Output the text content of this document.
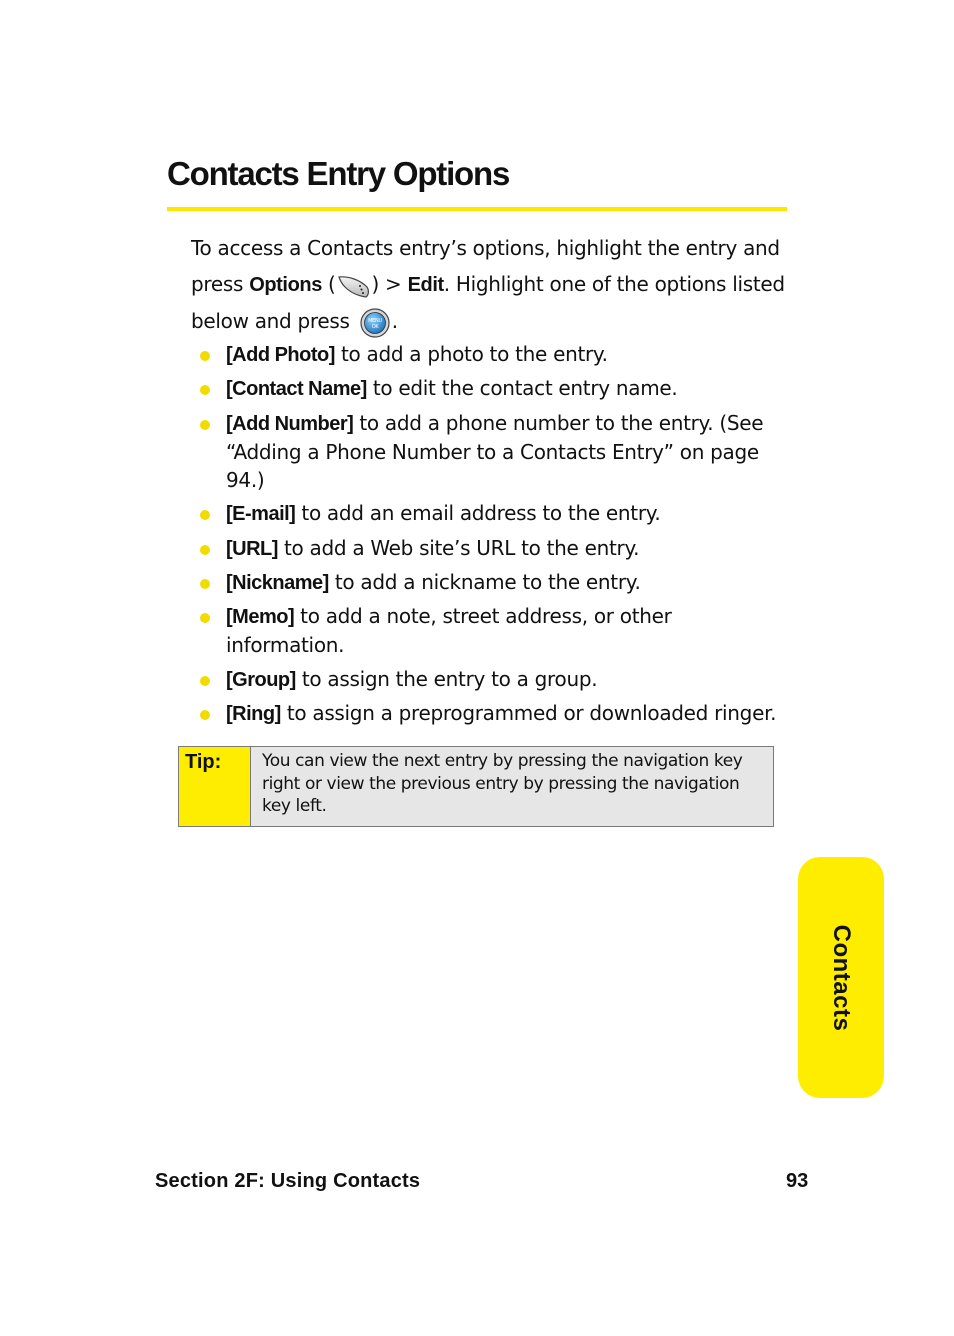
Contacts Entry Options

To access a Contacts entry’s options, highlight the entry and press Options ( ) > Edit. Highlight one of the options listed below and press MENU
OK .

[Add Photo] to add a photo to the entry.
[Contact Name] to edit the contact entry name.
[Add Number] to add a phone number to the entry. (See “Adding a Phone Number to a Contacts Entry” on page 94.)
[E-mail] to add an email address to the entry.
[URL] to add a Web site’s URL to the entry.
[Nickname] to add a nickname to the entry.
[Memo] to add a note, street address, or other information.
[Group] to assign the entry to a group.
[Ring] to assign a preprogrammed or downloaded ringer.
Tip:	You can view the next entry by pressing the navigation key right or view the previous entry by pressing the navigation key left.
Contacts
Section 2F: Using Contacts	93
